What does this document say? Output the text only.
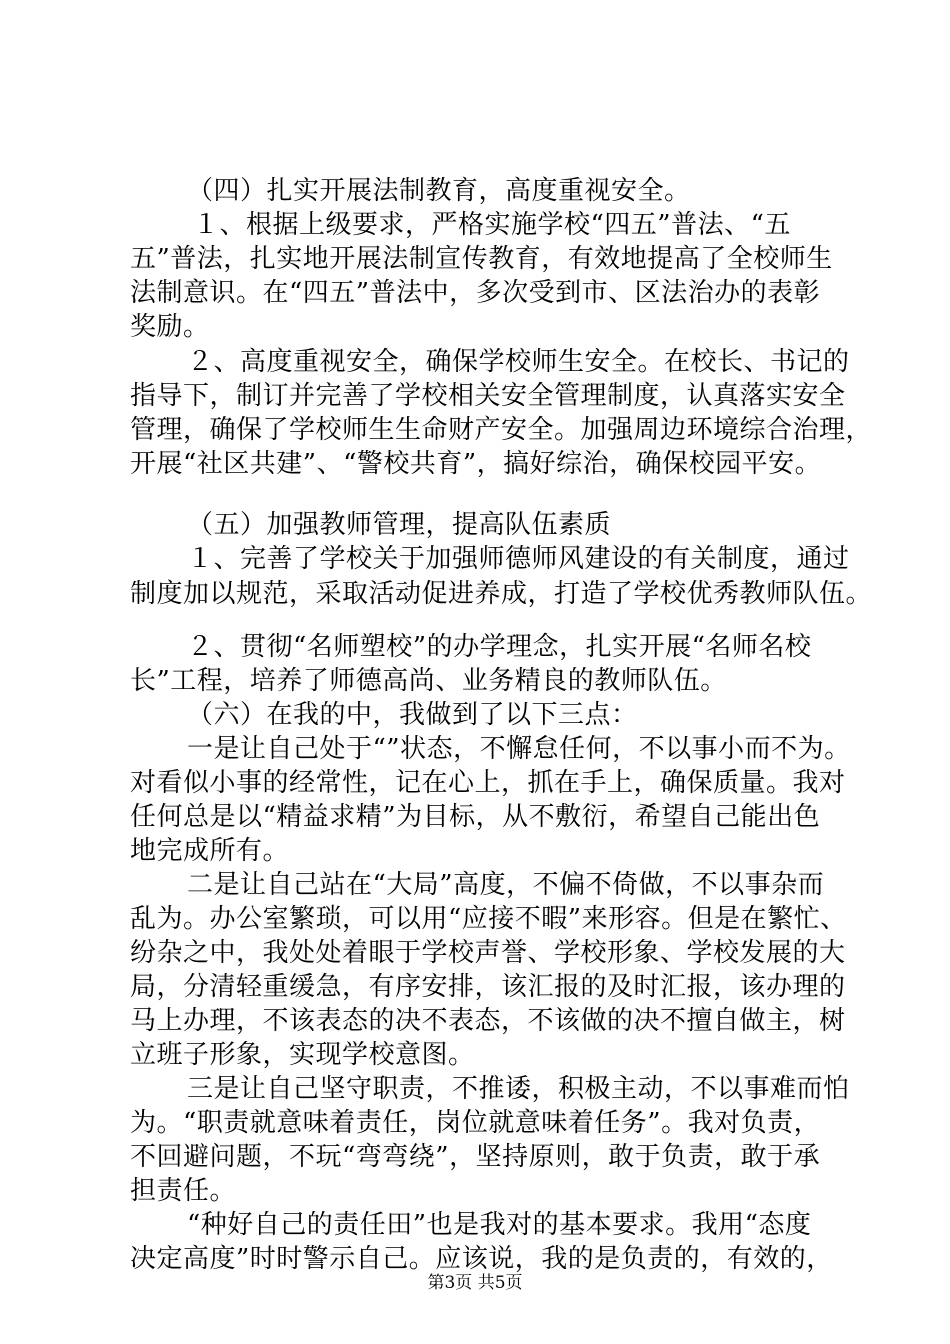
（四）扎实开展法制教育，高度重视安全。
１、根据上级要求，严格实施学校“四五”普法、“五
五”普法，扎实地开展法制宣传教育，有效地提高了全校师生
法制意识。在“四五”普法中，多次受到市、区法治办的表彰
奖励。
２、高度重视安全，确保学校师生安全。在校长、书记的
指导下，制订并完善了学校相关安全管理制度，认真落实安全
管理，确保了学校师生生命财产安全。加强周边环境综合治理，
开展“社区共建”、“警校共育”，搞好综治，确保校园平安。
（五）加强教师管理，提高队伍素质
１、完善了学校关于加强师德师风建设的有关制度，通过
制度加以规范，采取活动促进养成，打造了学校优秀教师队伍。
２、贯彻“名师塑校”的办学理念，扎实开展“名师名校
长”工程，培养了师德高尚、业务精良的教师队伍。
（六）在我的中，我做到了以下三点：
一是让自己处于“”状态，不懈怠任何，不以事小而不为。
对看似小事的经常性，记在心上，抓在手上，确保质量。我对
任何总是以“精益求精”为目标，从不敷衍，希望自己能出色
地完成所有。
二是让自己站在“大局”高度，不偏不倚做，不以事杂而
乱为。办公室繁琐，可以用“应接不暇”来形容。但是在繁忙、
纷杂之中，我处处着眼于学校声誉、学校形象、学校发展的大
局，分清轻重缓急，有序安排，该汇报的及时汇报，该办理的
马上办理，不该表态的决不表态，不该做的决不擅自做主，树
立班子形象，实现学校意图。
三是让自己坚守职责，不推诿，积极主动，不以事难而怕
为。“职责就意味着责任，岗位就意味着任务”。我对负责，
不回避问题，不玩“弯弯绕”，坚持原则，敢于负责，敢于承
担责任。
“种好自己的责任田”也是我对的基本要求。我用“态度
决定高度”时时警示自己。应该说，我的是负责的，有效的，
第3页 共5页
